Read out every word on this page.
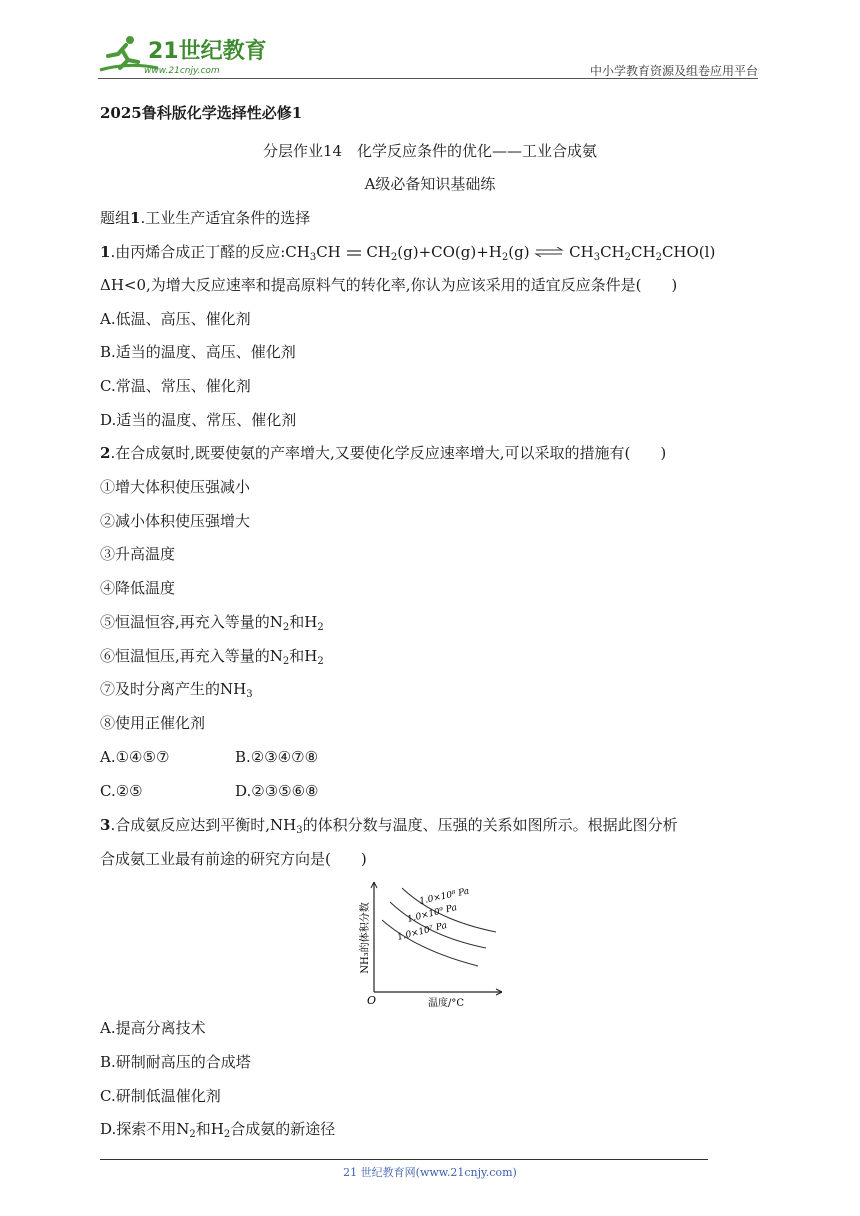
21世纪教育
www.21cnjy.com	中小学教育资源及组卷应用平台
2025鲁科版化学选择性必修1
分层作业14　化学反应条件的优化——工业合成氨
A级必备知识基础练
题组1.工业生产适宜条件的选择
1.由丙烯合成正丁醛的反应$:CH_3CH$ $CH_2(g)+CO(g)+H_2(g)$ ⇌ $CH_3CH_2CH_2CHO(l)$
ΔH<0,为增大反应速率和提高原料气的转化率,你认为应该采用的适宜反应条件是(　　)
A.低温、高压、催化剂
B.适当的温度、高压、催化剂
C.常温、常压、催化剂
D.适当的温度、常压、催化剂
2.在合成氨时,既要使氨的产率增大,又要使化学反应速率增大,可以采取的措施有(　　)
①增大体积使压强减小
②减小体积使压强增大
③升高温度
④降低温度
⑤恒温恒容,再充入等量的$N_2$和$H_2$
⑥恒温恒压,再充入等量的$N_2$和$H_2$
⑦及时分离产生的$NH_3$
⑧使用正催化剂
A.①④⑤⑦	B.②③④⑦⑧
C.②⑤	D.②③⑤⑥⑧
3.合成氨反应达到平衡时$,NH_3$的体积分数与温度、压强的关系如图所示。根据此图分析
合成氨工业最有前途的研究方向是(　　)
NH₃的体积分数
温度/°C
O
1.0×10⁸ Pa
1.0×10⁹ Pa
1.0×10⁷ Pa
A.提高分离技术
B.研制耐高压的合成塔
C.研制低温催化剂
D.探索不用$N_2$和$H_2$合成氨的新途径
21 世纪教育网(www.21cnjy.com)
